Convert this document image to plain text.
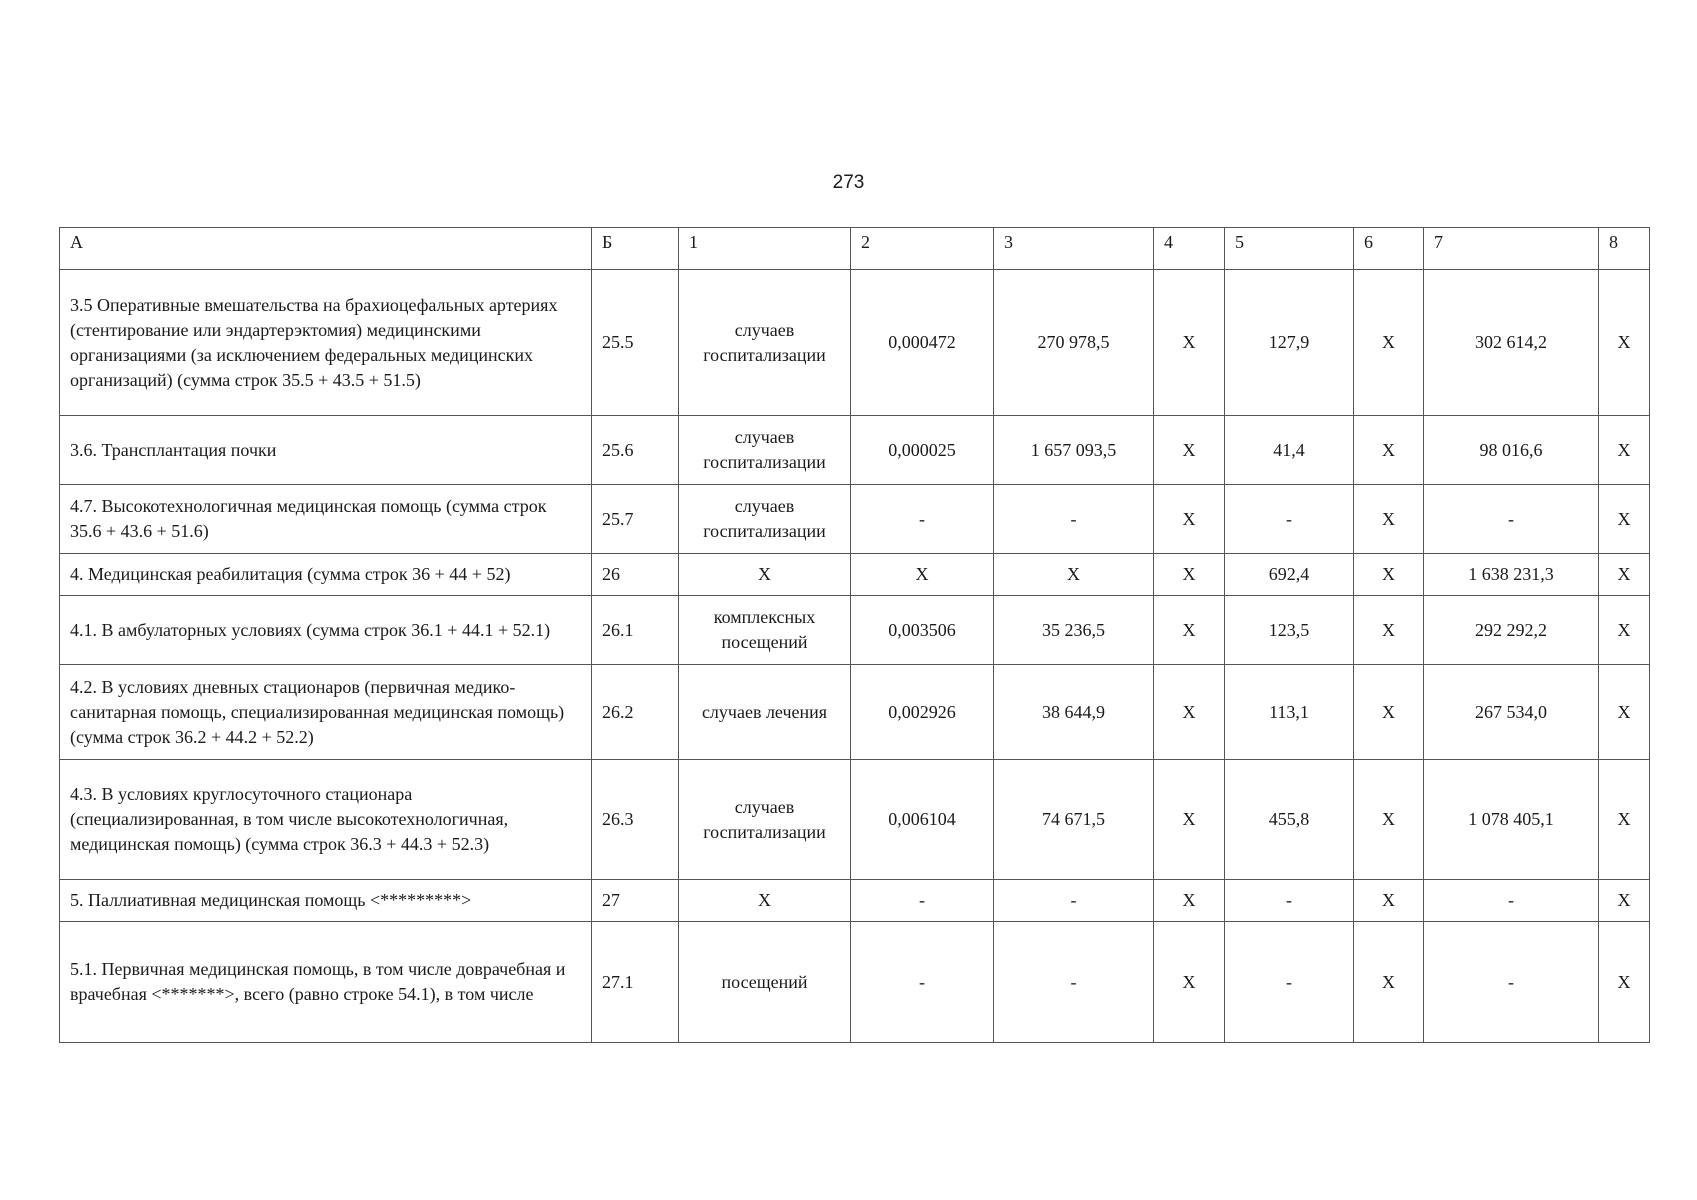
273
А	Б	1	2	3	4	5	6	7	8
3.5 Оперативные вмешательства на брахиоцефальных артериях (стентирование или эндартерэктомия) медицинскими организациями (за исключением федеральных медицинских организаций) (сумма строк 35.5 + 43.5 + 51.5)	25.5	случаев госпитализации	0,000472	270 978,5	X	127,9	X	302 614,2	X
3.6. Трансплантация почки	25.6	случаев госпитализации	0,000025	1 657 093,5	X	41,4	X	98 016,6	X
4.7. Высокотехнологичная медицинская помощь (сумма строк 35.6 + 43.6 + 51.6)	25.7	случаев госпитализации	-	-	X	-	X	-	X
4. Медицинская реабилитация (сумма строк 36 + 44 + 52)	26	X	X	X	X	692,4	X	1 638 231,3	X
4.1. В амбулаторных условиях (сумма строк 36.1 + 44.1 + 52.1)	26.1	комплексных посещений	0,003506	35 236,5	X	123,5	X	292 292,2	X
4.2. В условиях дневных стационаров (первичная медико-санитарная помощь, специализированная медицинская помощь) (сумма строк 36.2 + 44.2 + 52.2)	26.2	случаев лечения	0,002926	38 644,9	X	113,1	X	267 534,0	X
4.3. В условиях круглосуточного стационара (специализированная, в том числе высокотехнологичная, медицинская помощь) (сумма строк 36.3 + 44.3 + 52.3)	26.3	случаев госпитализации	0,006104	74 671,5	X	455,8	X	1 078 405,1	X
5. Паллиативная медицинская помощь <*********>	27	X	-	-	X	-	X	-	X
5.1. Первичная медицинская помощь, в том числе доврачебная и врачебная <*******>, всего (равно строке 54.1), в том числе	27.1	посещений	-	-	X	-	X	-	X
